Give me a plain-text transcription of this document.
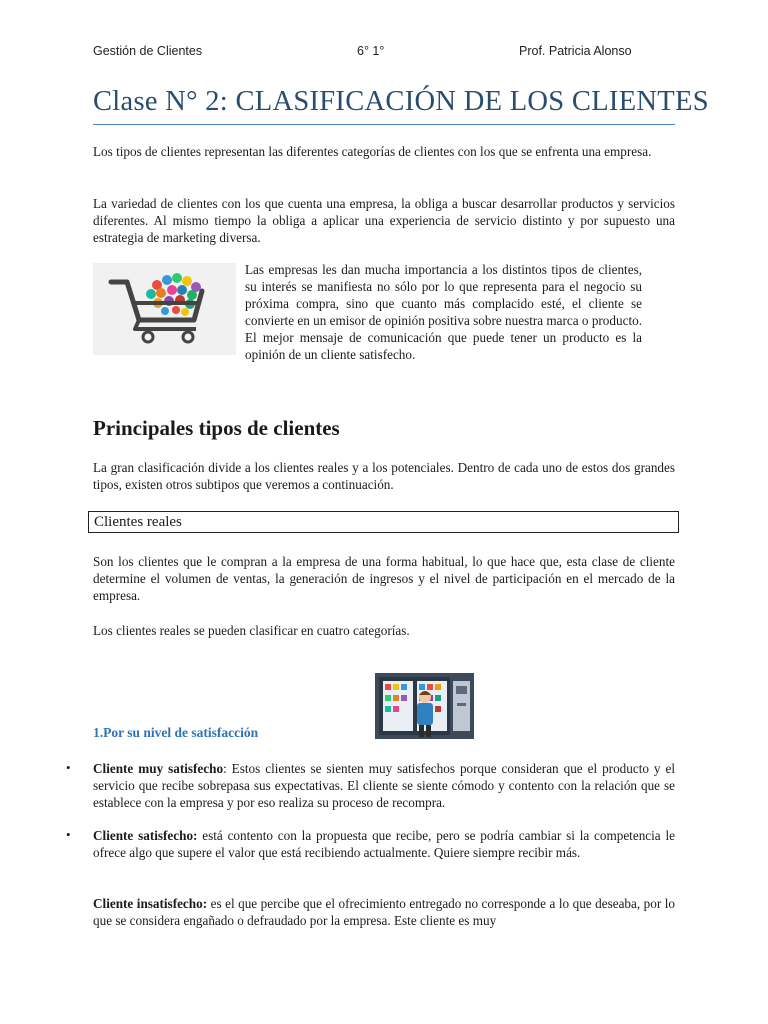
Gestión de Clientes	6° 1°	Prof. Patricia Alonso
Clase N° 2: CLASIFICACIÓN DE LOS CLIENTES

Los tipos de clientes representan las diferentes categorías de clientes con los que se enfrenta una empresa.

La variedad de clientes con los que cuenta una empresa, la obliga a buscar desarrollar productos y servicios diferentes. Al mismo tiempo la obliga a aplicar una experiencia de servicio distinto y por supuesto una estrategia de marketing diversa.

Las empresas les dan mucha importancia a los distintos tipos de clientes, su interés se manifiesta no sólo por lo que representa para el negocio su próxima compra, sino que cuanto más complacido esté, el cliente se convierte en un emisor de opinión positiva sobre nuestra marca o producto. El mejor mensaje de comunicación que puede tener un producto es la opinión de un cliente satisfecho.

Principales tipos de clientes

La gran clasificación divide a los clientes reales y a los potenciales. Dentro de cada uno de estos dos grandes tipos, existen otros subtipos que veremos a continuación.

Clientes reales

Son los clientes que le compran a la empresa de una forma habitual, lo que hace que, esta clase de cliente determine el volumen de ventas, la generación de ingresos y el nivel de participación en el mercado de la empresa.

Los clientes reales se pueden clasificar en cuatro categorías.

1.Por su nivel de satisfacción
• Cliente muy satisfecho: Estos clientes se sienten muy satisfechos porque consideran que el producto y el servicio que recibe sobrepasa sus expectativas. El cliente se siente cómodo y contento con la relación que se establece con la empresa y por eso realiza su proceso de recompra.

• Cliente satisfecho: está contento con la propuesta que recibe, pero se podría cambiar si la competencia le ofrece algo que supere el valor que está recibiendo actualmente. Quiere siempre recibir más.

Cliente insatisfecho: es el que percibe que el ofrecimiento entregado no corresponde a lo que deseaba, por lo que se considera engañado o defraudado por la empresa. Este cliente es muy
